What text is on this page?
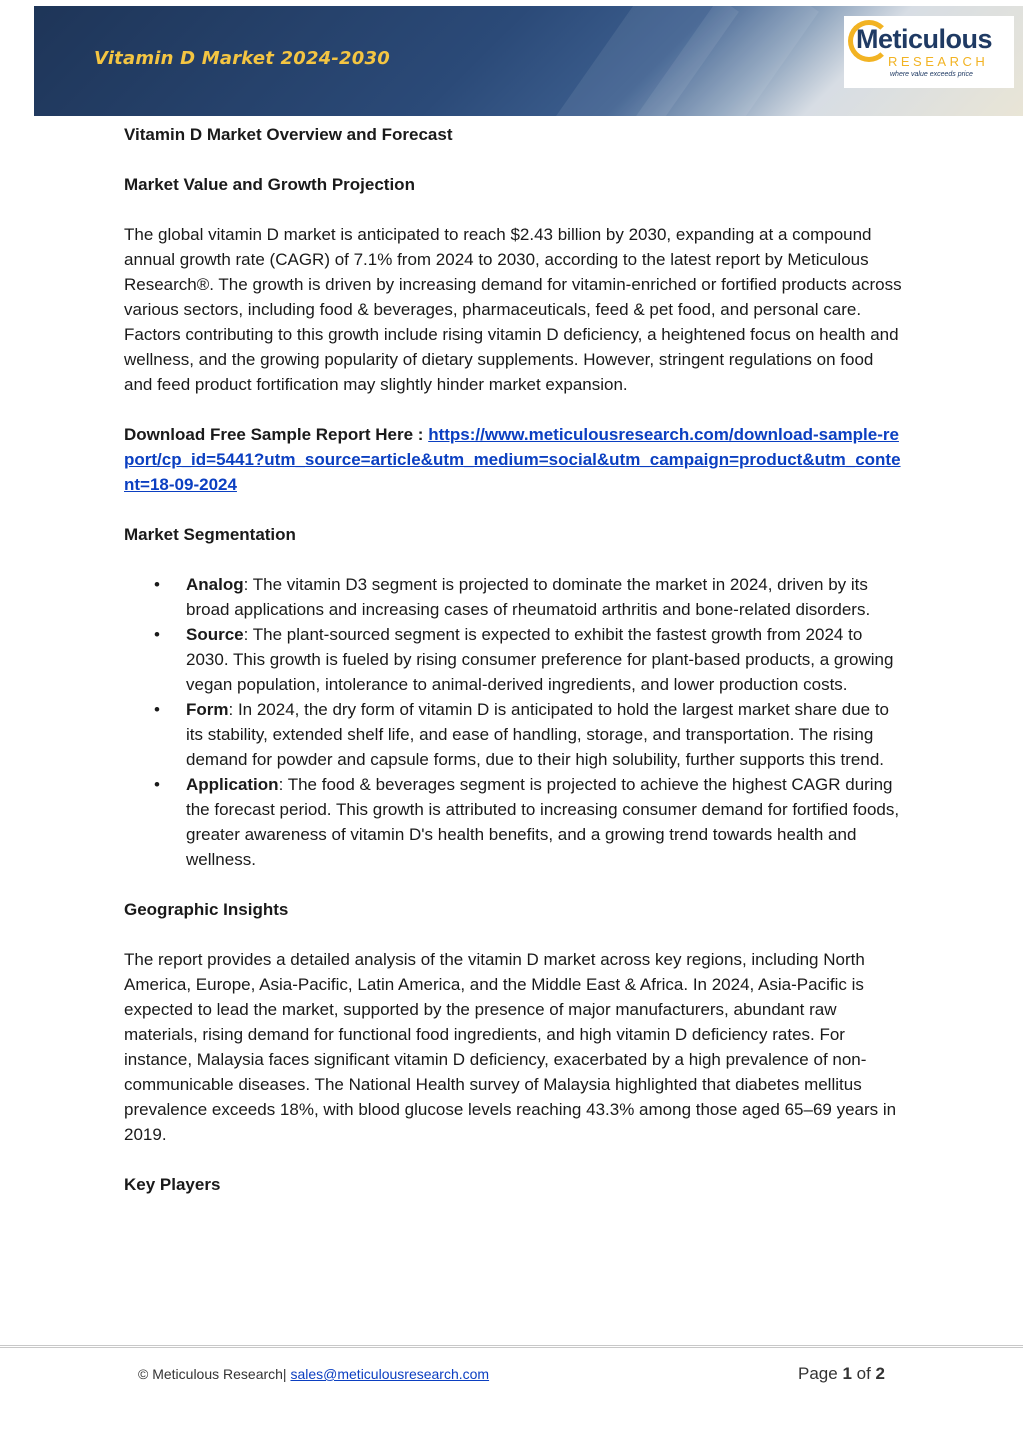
Vitamin D Market 2024-2030
Meticulous
RESEARCH
where value exceeds price
Vitamin D Market Overview and Forecast
Market Value and Growth Projection

The global vitamin D market is anticipated to reach $2.43 billion by 2030, expanding at a compound annual growth rate (CAGR) of 7.1% from 2024 to 2030, according to the latest report by Meticulous Research®. The growth is driven by increasing demand for vitamin-enriched or fortified products across various sectors, including food & beverages, pharmaceuticals, feed & pet food, and personal care. Factors contributing to this growth include rising vitamin D deficiency, a heightened focus on health and wellness, and the growing popularity of dietary supplements. However, stringent regulations on food and feed product fortification may slightly hinder market expansion.

Download Free Sample Report Here : https://www.meticulousresearch.com/download-sample-report/cp_id=5441?utm_source=article&utm_medium=social&utm_campaign=product&utm_content=18-09-2024

Market Segmentation
• Analog: The vitamin D3 segment is projected to dominate the market in 2024, driven by its broad applications and increasing cases of rheumatoid arthritis and bone-related disorders.
• Source: The plant-sourced segment is expected to exhibit the fastest growth from 2024 to 2030. This growth is fueled by rising consumer preference for plant-based products, a growing vegan population, intolerance to animal-derived ingredients, and lower production costs.
• Form: In 2024, the dry form of vitamin D is anticipated to hold the largest market share due to its stability, extended shelf life, and ease of handling, storage, and transportation. The rising demand for powder and capsule forms, due to their high solubility, further supports this trend.
• Application: The food & beverages segment is projected to achieve the highest CAGR during the forecast period. This growth is attributed to increasing consumer demand for fortified foods, greater awareness of vitamin D's health benefits, and a growing trend towards health and wellness.
Geographic Insights

The report provides a detailed analysis of the vitamin D market across key regions, including North America, Europe, Asia-Pacific, Latin America, and the Middle East & Africa. In 2024, Asia-Pacific is expected to lead the market, supported by the presence of major manufacturers, abundant raw materials, rising demand for functional food ingredients, and high vitamin D deficiency rates. For instance, Malaysia faces significant vitamin D deficiency, exacerbated by a high prevalence of non-communicable diseases. The National Health survey of Malaysia highlighted that diabetes mellitus prevalence exceeds 18%, with blood glucose levels reaching 43.3% among those aged 65–69 years in 2019.

Key Players
© Meticulous Research| sales@meticulousresearch.com	Page 1 of 2
